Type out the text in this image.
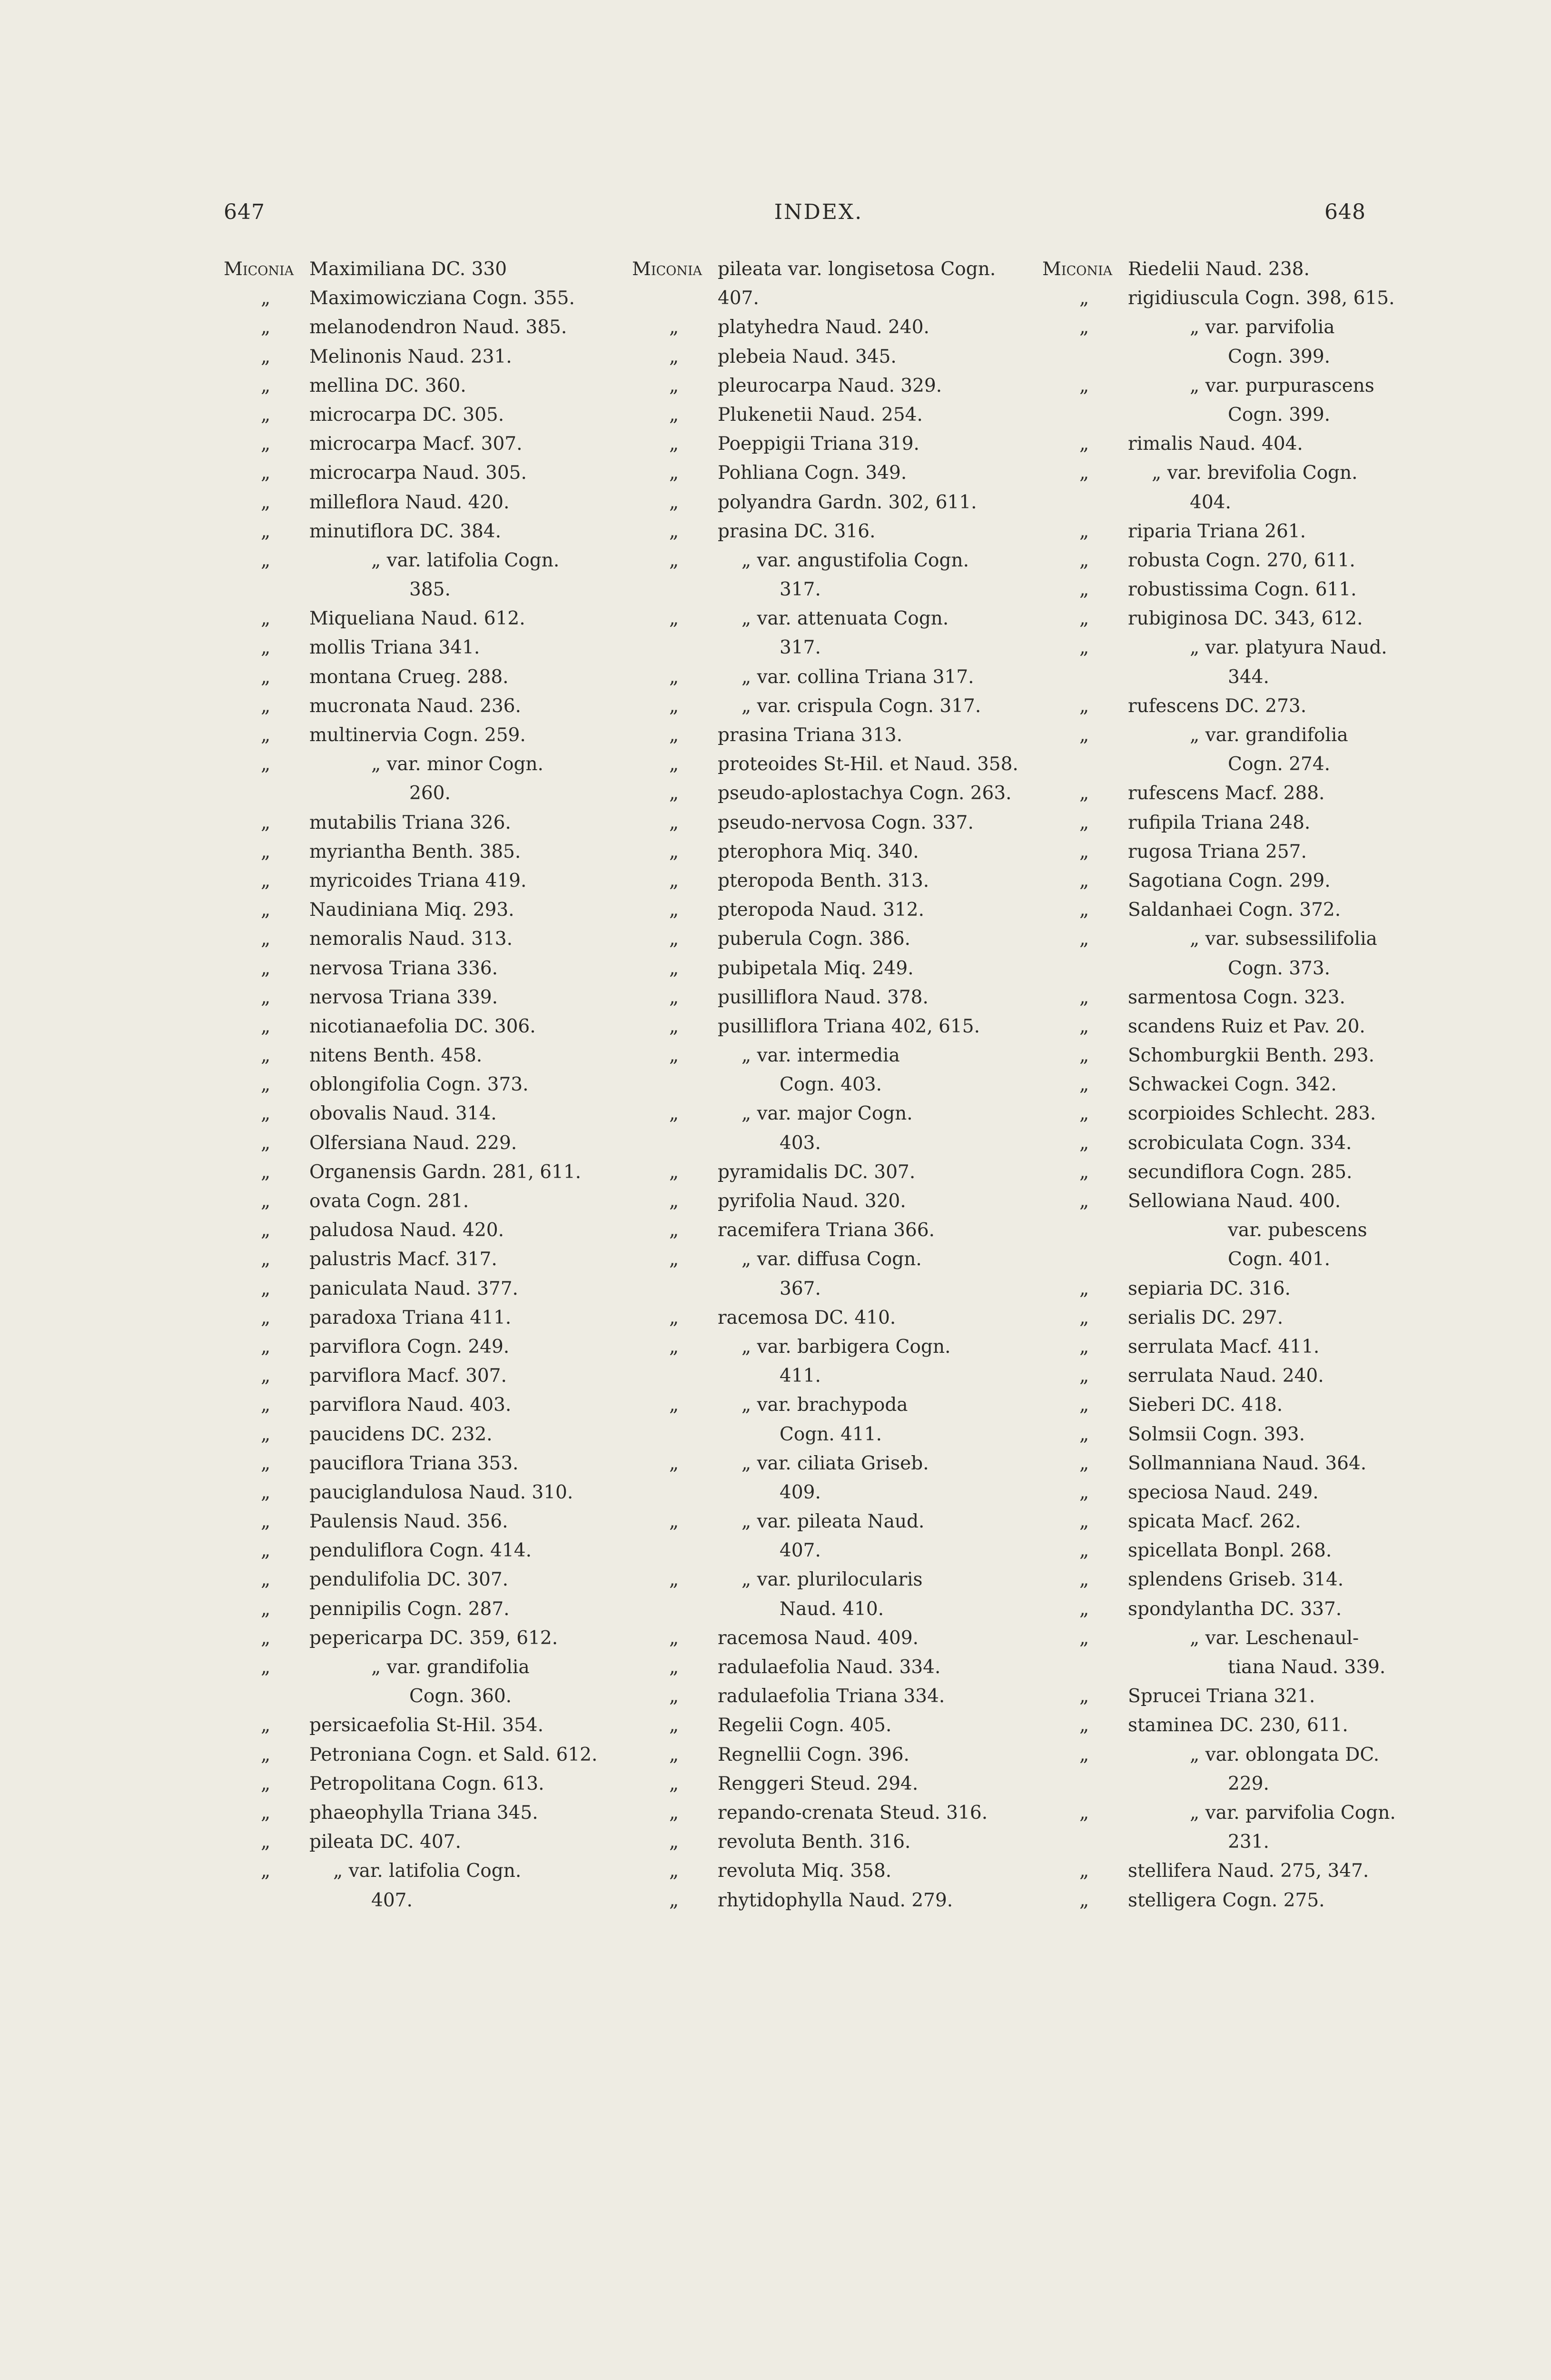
647	INDEX.	648
Miconia Maximiliana DC. 330
„ Maximowicziana Cogn. 355.
„ melanodendron Naud. 385.
„ Melinonis Naud. 231.
„ mellina DC. 360.
„ microcarpa DC. 305.
„ microcarpa Macf. 307.
„ microcarpa Naud. 305.
„ milleflora Naud. 420.
„ minutiflora DC. 384.
„	„ var. latifolia Cogn.
385.
„ Miqueliana Naud. 612.
„ mollis Triana 341.
„ montana Crueg. 288.
„ mucronata Naud. 236.
„ multinervia Cogn. 259.
„	„ var. minor Cogn.
260.
„ mutabilis Triana 326.
„ myriantha Benth. 385.
„ myricoides Triana 419.
„ Naudiniana Miq. 293.
„ nemoralis Naud. 313.
„ nervosa Triana 336.
„ nervosa Triana 339.
„ nicotianaefolia DC. 306.
„ nitens Benth. 458.
„ oblongifolia Cogn. 373.
„ obovalis Naud. 314.
„ Olfersiana Naud. 229.
„ Organensis Gardn. 281, 611.
„ ovata Cogn. 281.
„ paludosa Naud. 420.
„ palustris Macf. 317.
„ paniculata Naud. 377.
„ paradoxa Triana 411.
„ parviflora Cogn. 249.
„ parviflora Macf. 307.
„ parviflora Naud. 403.
„ paucidens DC. 232.
„ pauciflora Triana 353.
„ pauciglandulosa Naud. 310.
„ Paulensis Naud. 356.
„ penduliflora Cogn. 414.
„ pendulifolia DC. 307.
„ pennipilis Cogn. 287.
„ pepericarpa DC. 359, 612.
„	„ var. grandifolia
Cogn. 360.
„ persicaefolia St-Hil. 354.
„ Petroniana Cogn. et Sald. 612.
„ Petropolitana Cogn. 613.
„ phaeophylla Triana 345.
„ pileata DC. 407.
„	„ var. latifolia Cogn.
407.
Miconia pileata var. longisetosa Cogn.
407.
„ platyhedra Naud. 240.
„ plebeia Naud. 345.
„ pleurocarpa Naud. 329.
„ Plukenetii Naud. 254.
„ Poeppigii Triana 319.
„ Pohliana Cogn. 349.
„ polyandra Gardn. 302, 611.
„ prasina DC. 316.
„	„ var. angustifolia Cogn.
317.
„	„ var. attenuata Cogn.
317.
„	„ var. collina Triana 317.
„	„ var. crispula Cogn. 317.
„ prasina Triana 313.
„ proteoides St-Hil. et Naud. 358.
„ pseudo-aplostachya Cogn. 263.
„ pseudo-nervosa Cogn. 337.
„ pterophora Miq. 340.
„ pteropoda Benth. 313.
„ pteropoda Naud. 312.
„ puberula Cogn. 386.
„ pubipetala Miq. 249.
„ pusilliflora Naud. 378.
„ pusilliflora Triana 402, 615.
„	„ var. intermedia
Cogn. 403.
„	„ var. major Cogn.
403.
„ pyramidalis DC. 307.
„ pyrifolia Naud. 320.
„ racemifera Triana 366.
„	„ var. diffusa Cogn.
367.
„ racemosa DC. 410.
„	„ var. barbigera Cogn.
411.
„	„ var. brachypoda
Cogn. 411.
„	„ var. ciliata Griseb.
409.
„	„ var. pileata Naud.
407.
„	„ var. plurilocularis
Naud. 410.
„ racemosa Naud. 409.
„ radulaefolia Naud. 334.
„ radulaefolia Triana 334.
„ Regelii Cogn. 405.
„ Regnellii Cogn. 396.
„ Renggeri Steud. 294.
„ repando-crenata Steud. 316.
„ revoluta Benth. 316.
„ revoluta Miq. 358.
„ rhytidophylla Naud. 279.
Miconia Riedelii Naud. 238.
„ rigidiuscula Cogn. 398, 615.
„	„ var. parvifolia
Cogn. 399.
„	„ var. purpurascens
Cogn. 399.
„ rimalis Naud. 404.
„	„ var. brevifolia Cogn.
404.
„ riparia Triana 261.
„ robusta Cogn. 270, 611.
„ robustissima Cogn. 611.
„ rubiginosa DC. 343, 612.
„	„ var. platyura Naud.
344.
„ rufescens DC. 273.
„	„ var. grandifolia
Cogn. 274.
„ rufescens Macf. 288.
„ rufipila Triana 248.
„ rugosa Triana 257.
„ Sagotiana Cogn. 299.
„ Saldanhaei Cogn. 372.
„	„ var. subsessilifolia
Cogn. 373.
„ sarmentosa Cogn. 323.
„ scandens Ruiz et Pav. 20.
„ Schomburgkii Benth. 293.
„ Schwackei Cogn. 342.
„ scorpioides Schlecht. 283.
„ scrobiculata Cogn. 334.
„ secundiflora Cogn. 285.
„ Sellowiana Naud. 400.
var. pubescens
Cogn. 401.
„ sepiaria DC. 316.
„ serialis DC. 297.
„ serrulata Macf. 411.
„ serrulata Naud. 240.
„ Sieberi DC. 418.
„ Solmsii Cogn. 393.
„ Sollmanniana Naud. 364.
„ speciosa Naud. 249.
„ spicata Macf. 262.
„ spicellata Bonpl. 268.
„ splendens Griseb. 314.
„ spondylantha DC. 337.
„	„ var. Leschenaul-
tiana Naud. 339.
„ Sprucei Triana 321.
„ staminea DC. 230, 611.
„	„ var. oblongata DC.
229.
„	„ var. parvifolia Cogn.
231.
„ stellifera Naud. 275, 347.
„ stelligera Cogn. 275.
